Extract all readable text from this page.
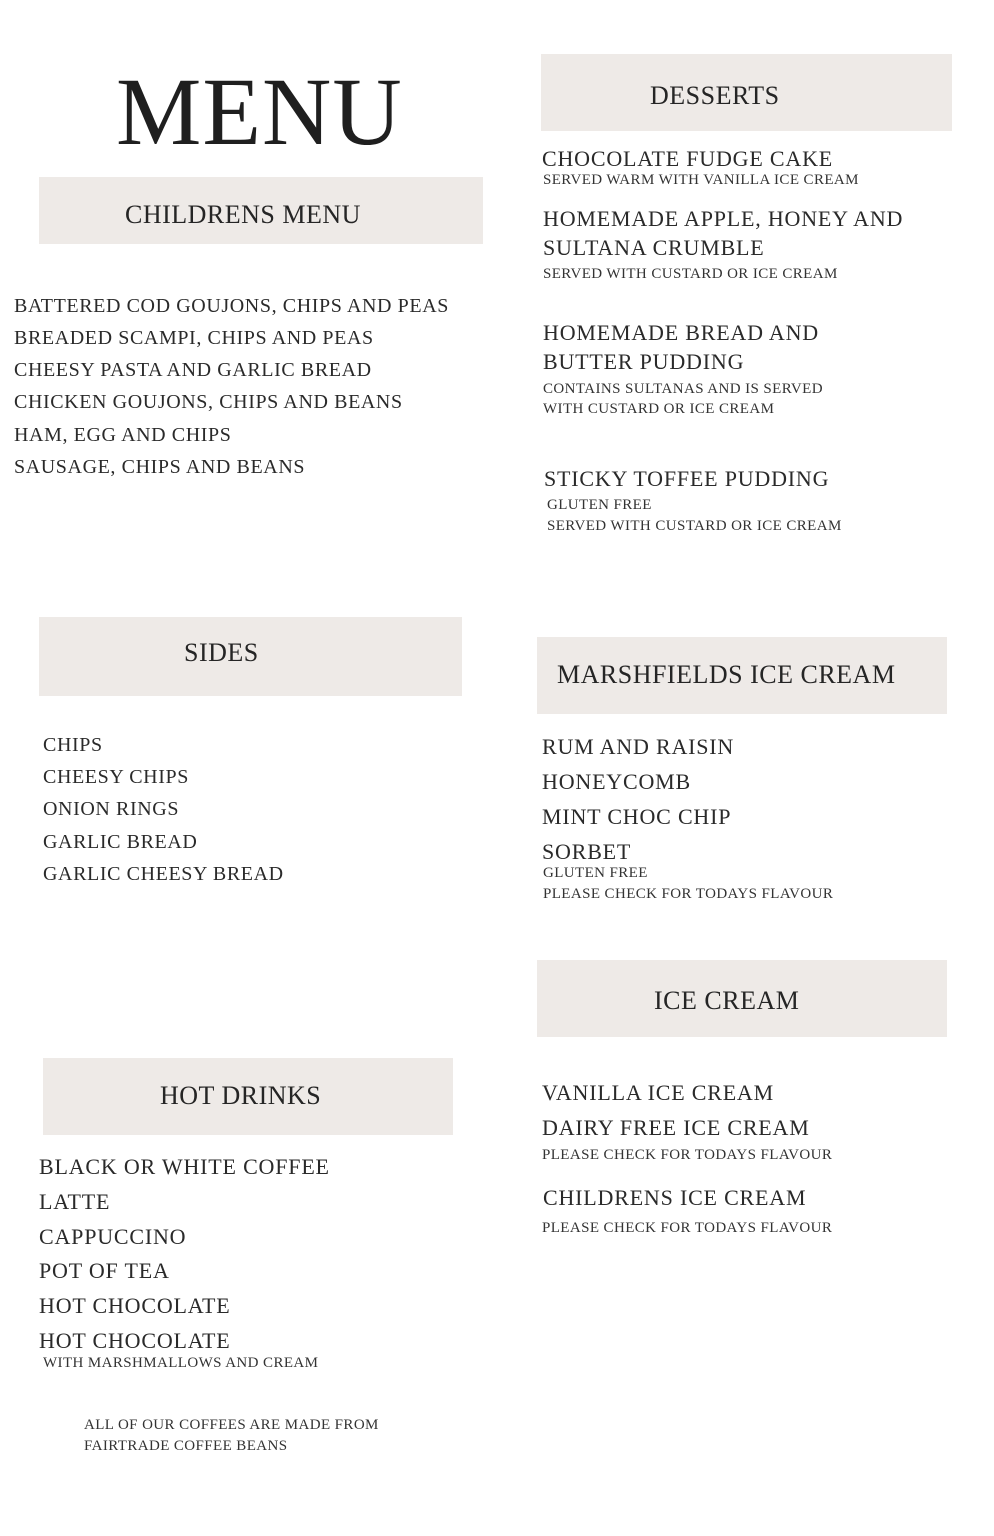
MENU
CHILDRENS MENU
BATTERED COD GOUJONS, CHIPS AND PEAS
BREADED SCAMPI, CHIPS AND PEAS
CHEESY PASTA AND GARLIC BREAD
CHICKEN GOUJONS, CHIPS AND BEANS
HAM, EGG AND CHIPS
SAUSAGE, CHIPS AND BEANS
SIDES
CHIPS
CHEESY CHIPS
ONION RINGS
GARLIC BREAD
GARLIC CHEESY BREAD
HOT DRINKS
BLACK OR WHITE COFFEE
LATTE
CAPPUCCINO
POT OF TEA
HOT CHOCOLATE
HOT CHOCOLATE
WITH MARSHMALLOWS AND CREAM
ALL OF OUR COFFEES ARE MADE FROM
FAIRTRADE COFFEE BEANS
DESSERTS
CHOCOLATE FUDGE CAKE
SERVED WARM WITH VANILLA ICE CREAM
HOMEMADE APPLE, HONEY AND
SULTANA CRUMBLE
SERVED WITH CUSTARD OR ICE CREAM
HOMEMADE BREAD AND
BUTTER PUDDING
CONTAINS SULTANAS AND IS SERVED
WITH CUSTARD OR ICE CREAM
STICKY TOFFEE PUDDING
GLUTEN FREE
SERVED WITH CUSTARD OR ICE CREAM
MARSHFIELDS ICE CREAM
RUM AND RAISIN
HONEYCOMB
MINT CHOC CHIP
SORBET
GLUTEN FREE
PLEASE CHECK FOR TODAYS FLAVOUR
ICE CREAM
VANILLA ICE CREAM
DAIRY FREE ICE CREAM
PLEASE CHECK FOR TODAYS FLAVOUR
CHILDRENS ICE CREAM
PLEASE CHECK FOR TODAYS FLAVOUR
